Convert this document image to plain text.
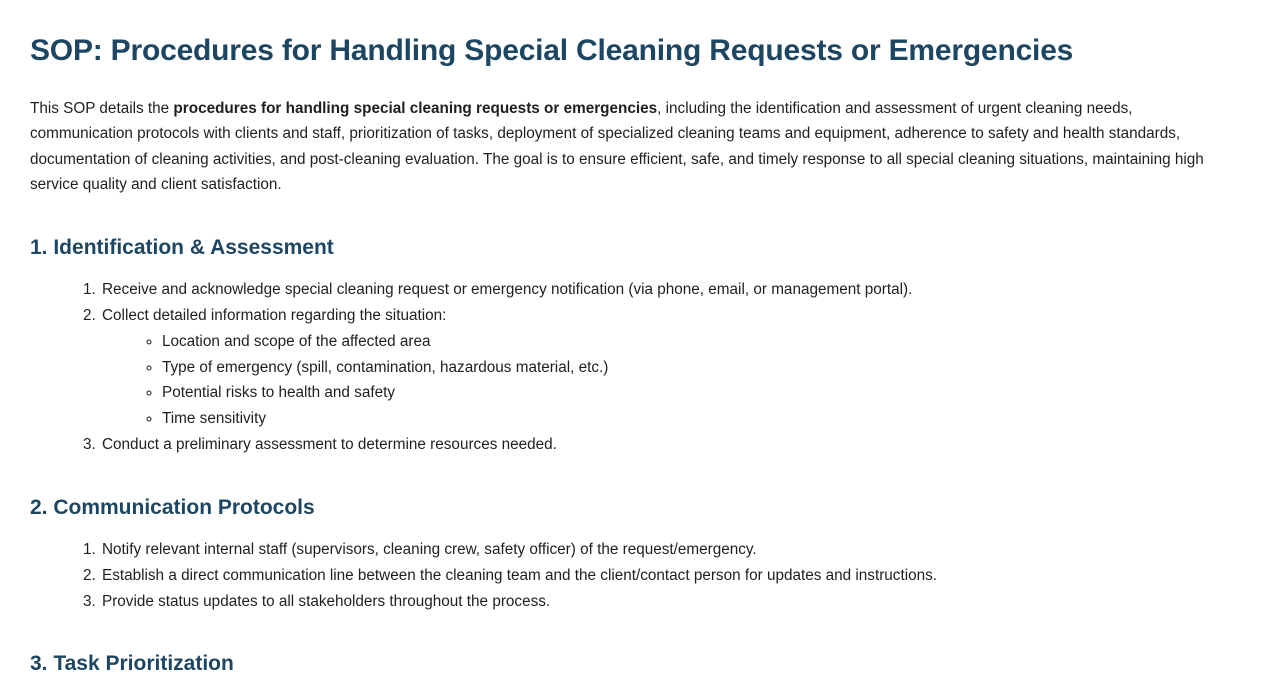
SOP: Procedures for Handling Special Cleaning Requests or Emergencies

This SOP details the procedures for handling special cleaning requests or emergencies, including the identification and assessment of urgent cleaning needs, communication protocols with clients and staff, prioritization of tasks, deployment of specialized cleaning teams and equipment, adherence to safety and health standards, documentation of cleaning activities, and post-cleaning evaluation. The goal is to ensure efficient, safe, and timely response to all special cleaning situations, maintaining high service quality and client satisfaction.

1. Identification & Assessment
1. Receive and acknowledge special cleaning request or emergency notification (via phone, email, or management portal).
2. Collect detailed information regarding the situation:
◦ Location and scope of the affected area
◦ Type of emergency (spill, contamination, hazardous material, etc.)
◦ Potential risks to health and safety
◦ Time sensitivity
3. Conduct a preliminary assessment to determine resources needed.
2. Communication Protocols
1. Notify relevant internal staff (supervisors, cleaning crew, safety officer) of the request/emergency.
2. Establish a direct communication line between the cleaning team and the client/contact person for updates and instructions.
3. Provide status updates to all stakeholders throughout the process.
3. Task Prioritization
